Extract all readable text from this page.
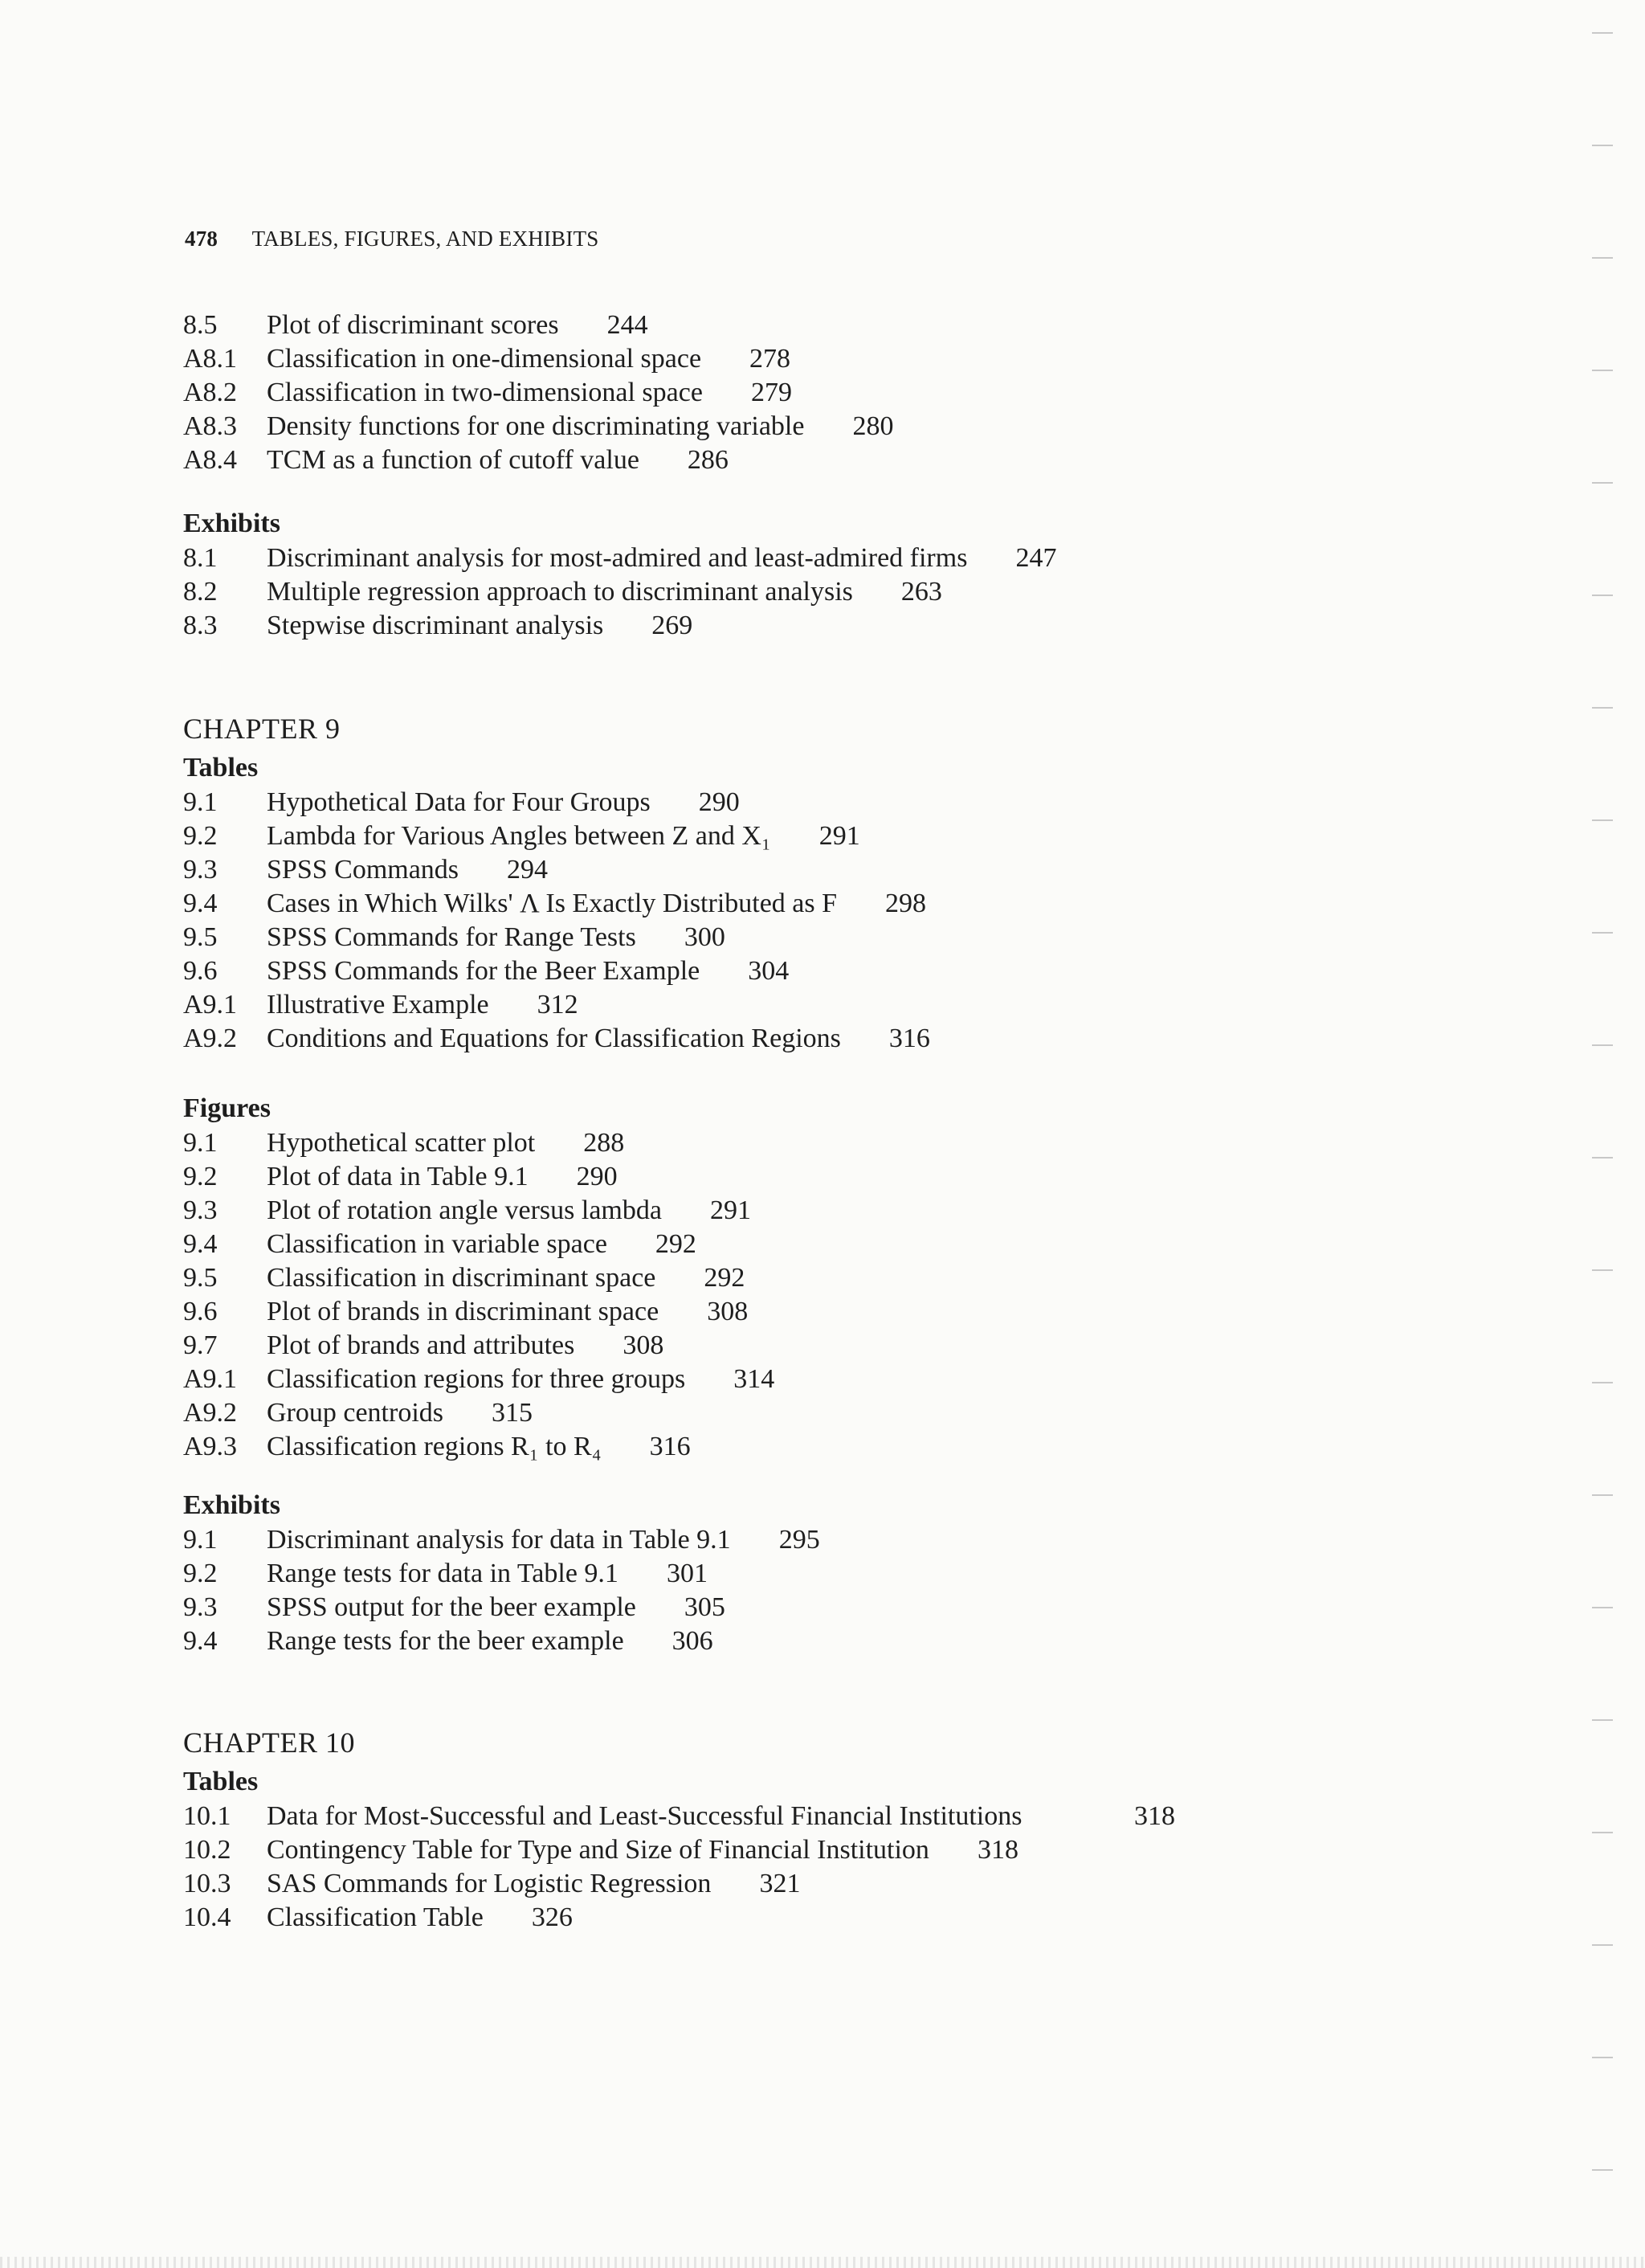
478 TABLES, FIGURES, AND EXHIBITS
8.5	Plot of discriminant scores 244
A8.1	Classification in one-dimensional space 278
A8.2	Classification in two-dimensional space 279
A8.3	Density functions for one discriminating variable 280
A8.4	TCM as a function of cutoff value 286
Exhibits
8.1	Discriminant analysis for most-admired and least-admired firms 247
8.2	Multiple regression approach to discriminant analysis 263
8.3	Stepwise discriminant analysis 269
CHAPTER 9
Tables
9.1	Hypothetical Data for Four Groups 290
9.2	Lambda for Various Angles between Z and X₁ 291
9.3	SPSS Commands 294
9.4	Cases in Which Wilks' Λ Is Exactly Distributed as F 298
9.5	SPSS Commands for Range Tests 300
9.6	SPSS Commands for the Beer Example 304
A9.1	Illustrative Example 312
A9.2	Conditions and Equations for Classification Regions 316
Figures
9.1	Hypothetical scatter plot 288
9.2	Plot of data in Table 9.1 290
9.3	Plot of rotation angle versus lambda 291
9.4	Classification in variable space 292
9.5	Classification in discriminant space 292
9.6	Plot of brands in discriminant space 308
9.7	Plot of brands and attributes 308
A9.1	Classification regions for three groups 314
A9.2	Group centroids 315
A9.3	Classification regions R₁ to R₄ 316
Exhibits
9.1	Discriminant analysis for data in Table 9.1 295
9.2	Range tests for data in Table 9.1 301
9.3	SPSS output for the beer example 305
9.4	Range tests for the beer example 306
CHAPTER 10
Tables
10.1	Data for Most-Successful and Least-Successful Financial Institutions	318
10.2	Contingency Table for Type and Size of Financial Institution 318
10.3	SAS Commands for Logistic Regression 321
10.4	Classification Table 326
